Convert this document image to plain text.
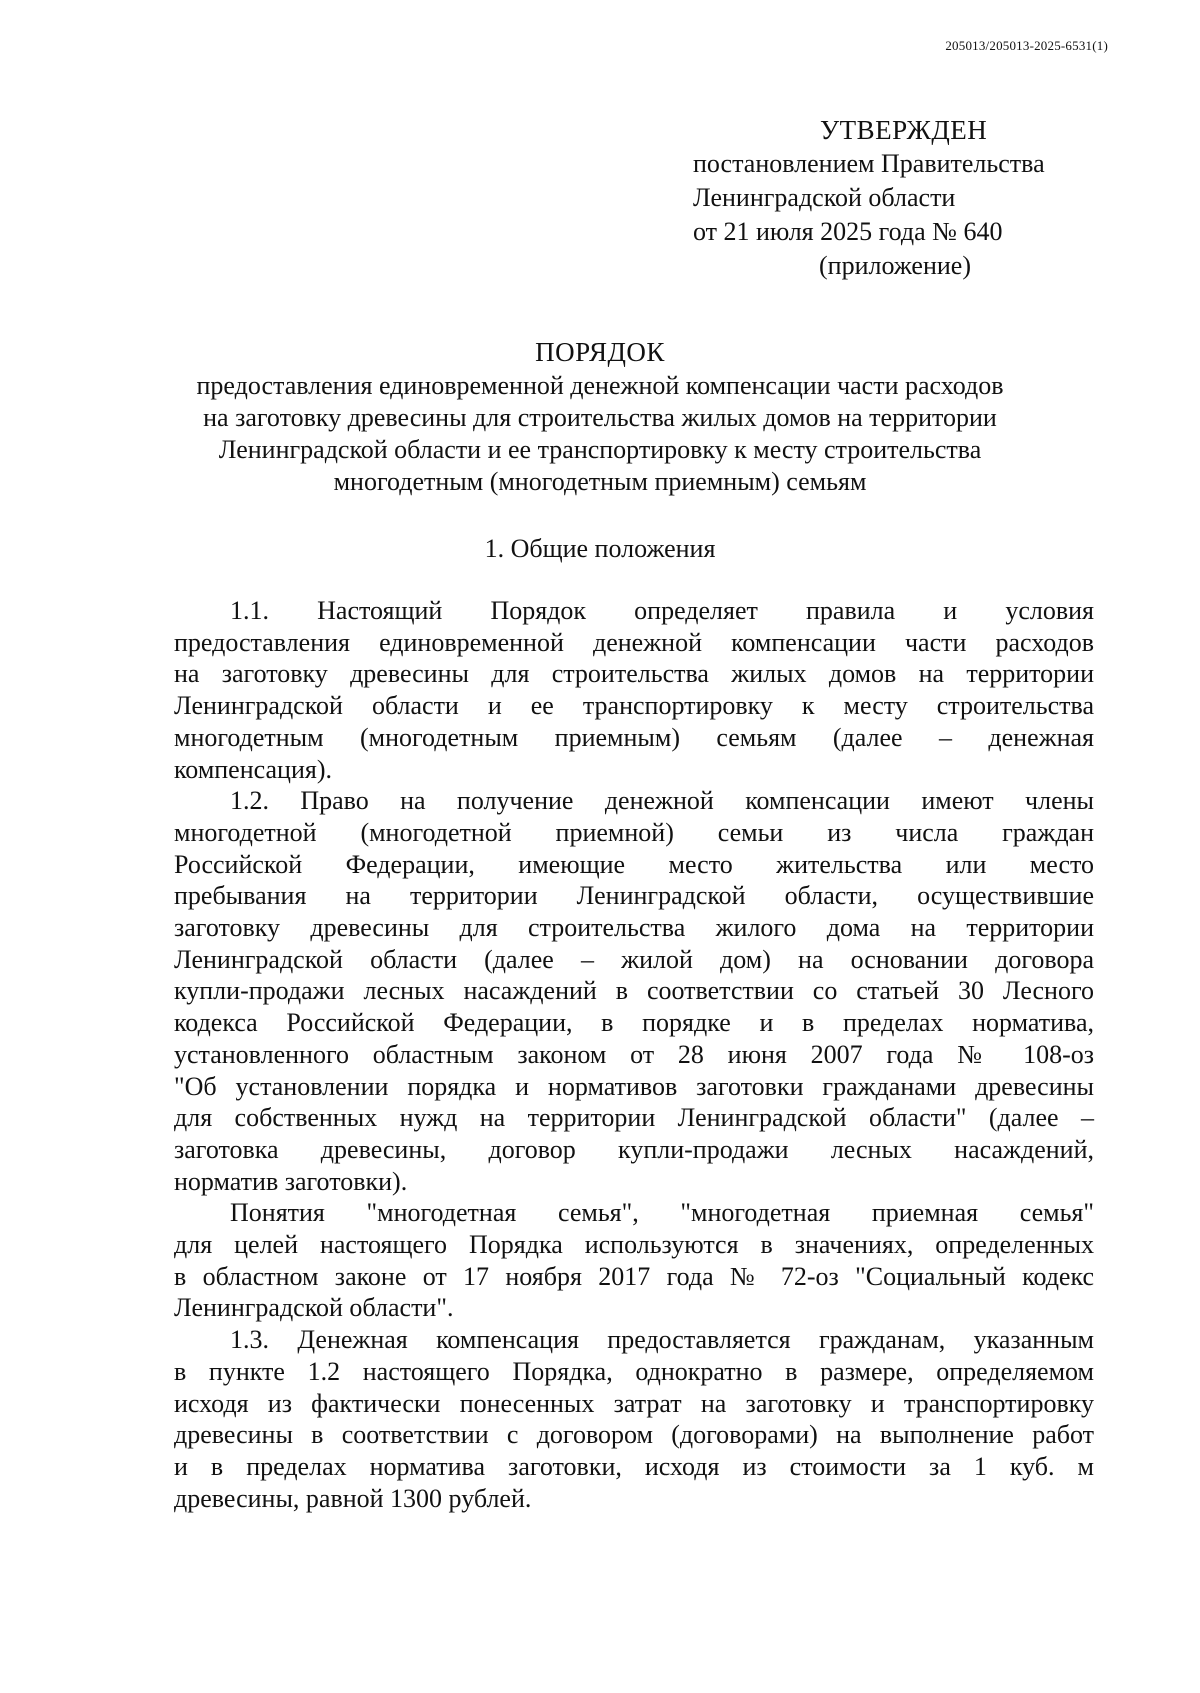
205013/205013-2025-6531(1)
УТВЕРЖДЕН
постановлением Правительства
Ленинградской области
от 21 июля 2025 года № 640
(приложение)
ПОРЯДОК
предоставления единовременной денежной компенсации части расходов
на заготовку древесины для строительства жилых домов на территории
Ленинградской области и ее транспортировку к месту строительства
многодетным (многодетным приемным) семьям
1. Общие положения

1.1. Настоящий Порядок определяет правила и условия
предоставления единовременной денежной компенсации части расходов
на заготовку древесины для строительства жилых домов на территории
Ленинградской области и ее транспортировку к месту строительства
многодетным (многодетным приемным) семьям (далее – денежная
компенсация).

1.2. Право на получение денежной компенсации имеют члены
многодетной (многодетной приемной) семьи из числа граждан
Российской Федерации, имеющие место жительства или место
пребывания на территории Ленинградской области, осуществившие
заготовку древесины для строительства жилого дома на территории
Ленинградской области (далее – жилой дом) на основании договора
купли-продажи лесных насаждений в соответствии со статьей 30 Лесного
кодекса Российской Федерации, в порядке и в пределах норматива,
установленного областным законом от 28 июня 2007 года № 108-оз
"Об установлении порядка и нормативов заготовки гражданами древесины
для собственных нужд на территории Ленинградской области" (далее –
заготовка древесины, договор купли-продажи лесных насаждений,
норматив заготовки).

Понятия "многодетная семья", "многодетная приемная семья"
для целей настоящего Порядка используются в значениях, определенных
в областном законе от 17 ноября 2017 года № 72-оз "Социальный кодекс
Ленинградской области".

1.3. Денежная компенсация предоставляется гражданам, указанным
в пункте 1.2 настоящего Порядка, однократно в размере, определяемом
исходя из фактически понесенных затрат на заготовку и транспортировку
древесины в соответствии с договором (договорами) на выполнение работ
и в пределах норматива заготовки, исходя из стоимости за 1 куб. м
древесины, равной 1300 рублей.
